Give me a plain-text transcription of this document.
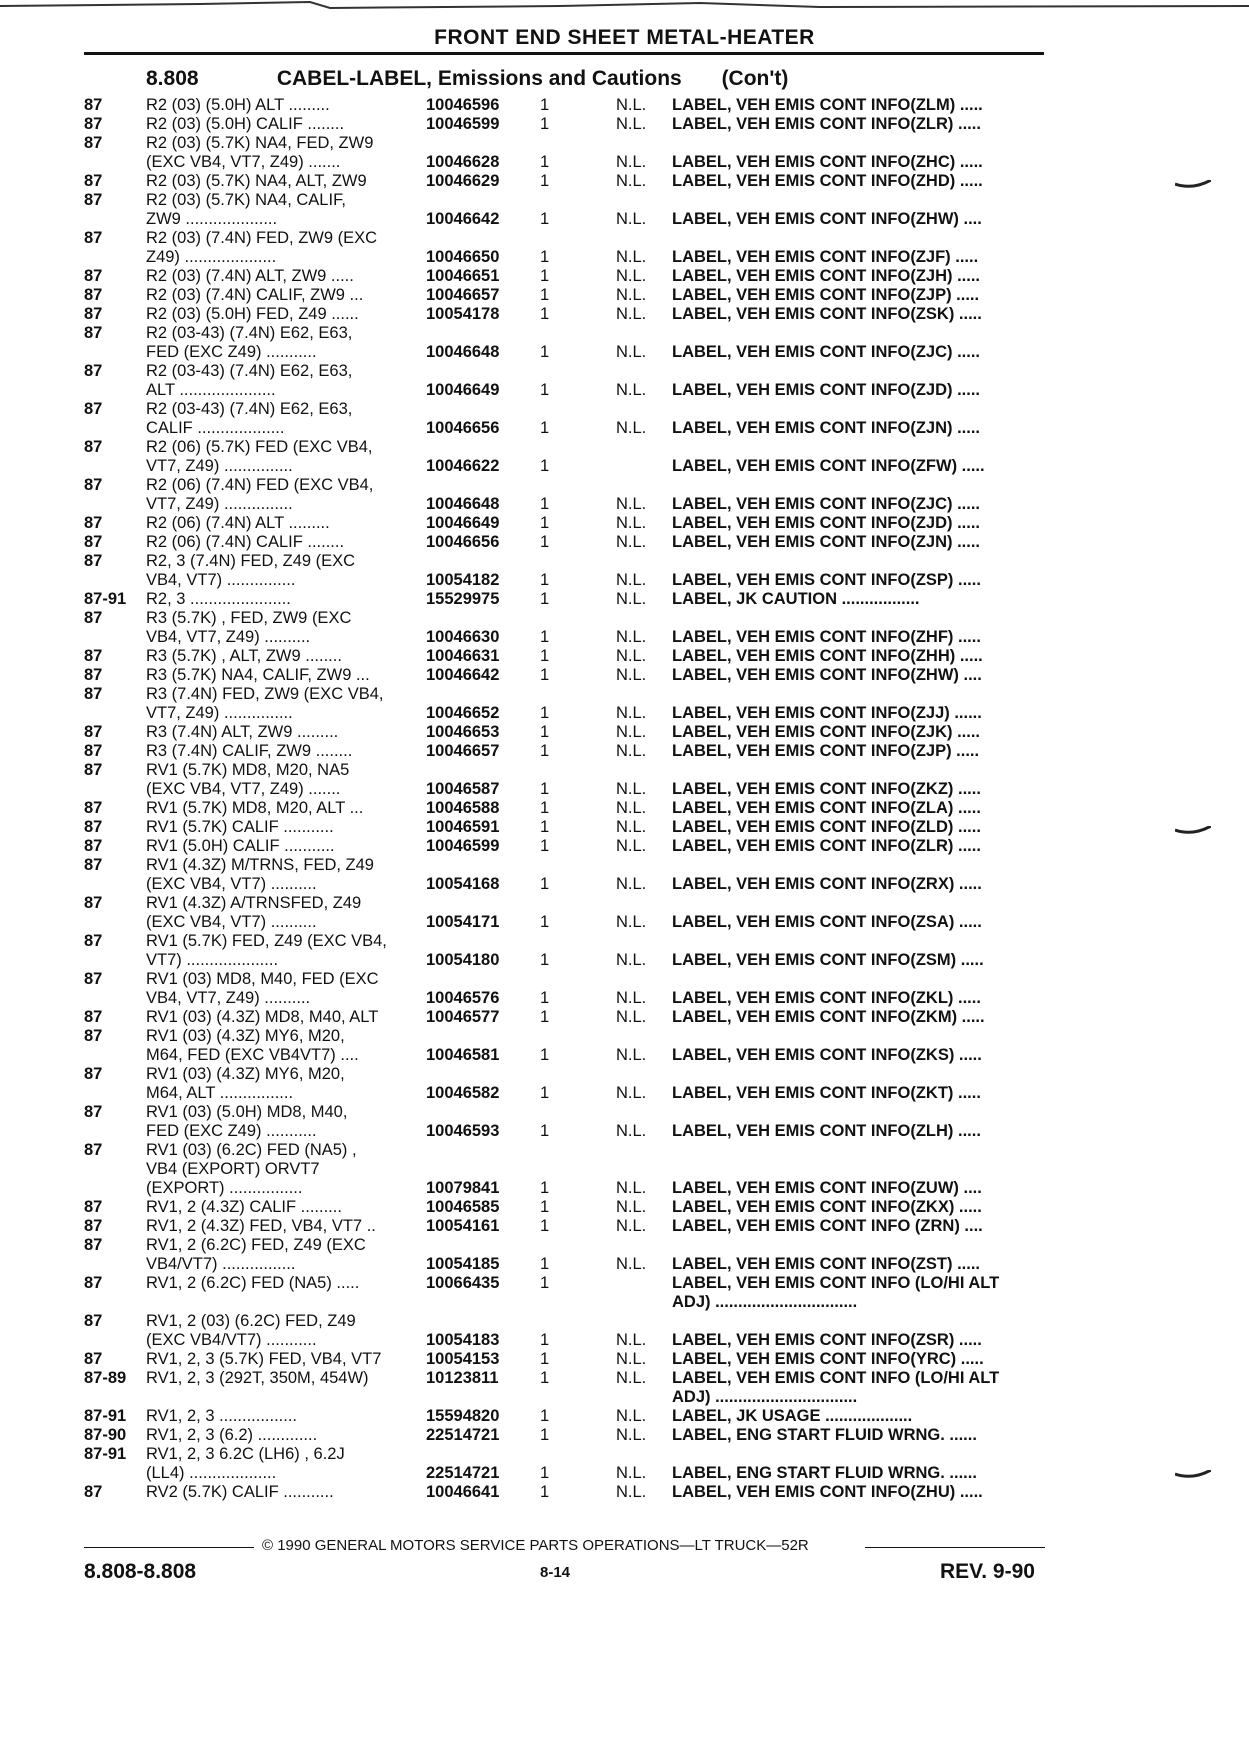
FRONT END SHEET METAL-HEATER
8.808	CABEL-LABEL, Emissions and Cautions (Con't)
87	R2 (03) (5.0H) ALT .........	10046596 1	N.L. LABEL, VEH EMIS CONT INFO(ZLM) .....
87	R2 (03) (5.0H) CALIF ........	10046599 1	N.L. LABEL, VEH EMIS CONT INFO(ZLR) .....
87	R2 (03) (5.7K) NA4, FED, ZW9
(EXC VB4, VT7, Z49) .......	10046628 1	N.L. LABEL, VEH EMIS CONT INFO(ZHC) .....
87	R2 (03) (5.7K) NA4, ALT, ZW9	10046629 1	N.L. LABEL, VEH EMIS CONT INFO(ZHD) .....
87	R2 (03) (5.7K) NA4, CALIF,
ZW9 ....................	10046642 1	N.L. LABEL, VEH EMIS CONT INFO(ZHW) ....
87	R2 (03) (7.4N) FED, ZW9 (EXC
Z49) ....................	10046650 1	N.L. LABEL, VEH EMIS CONT INFO(ZJF) .....
87	R2 (03) (7.4N) ALT, ZW9 .....	10046651 1	N.L. LABEL, VEH EMIS CONT INFO(ZJH) .....
87	R2 (03) (7.4N) CALIF, ZW9 ...	10046657 1	N.L. LABEL, VEH EMIS CONT INFO(ZJP) .....
87	R2 (03) (5.0H) FED, Z49 ......	10054178 1	N.L. LABEL, VEH EMIS CONT INFO(ZSK) .....
87	R2 (03-43) (7.4N) E62, E63,
FED (EXC Z49) ...........	10046648 1	N.L. LABEL, VEH EMIS CONT INFO(ZJC) .....
87	R2 (03-43) (7.4N) E62, E63,
ALT .....................	10046649 1	N.L. LABEL, VEH EMIS CONT INFO(ZJD) .....
87	R2 (03-43) (7.4N) E62, E63,
CALIF ...................	10046656 1	N.L. LABEL, VEH EMIS CONT INFO(ZJN) .....
87	R2 (06) (5.7K) FED (EXC VB4,
VT7, Z49) ...............	10046622 1	LABEL, VEH EMIS CONT INFO(ZFW) .....
87	R2 (06) (7.4N) FED (EXC VB4,
VT7, Z49) ...............	10046648 1	N.L. LABEL, VEH EMIS CONT INFO(ZJC) .....
87	R2 (06) (7.4N) ALT .........	10046649 1	N.L. LABEL, VEH EMIS CONT INFO(ZJD) .....
87	R2 (06) (7.4N) CALIF ........	10046656 1	N.L. LABEL, VEH EMIS CONT INFO(ZJN) .....
87	R2, 3 (7.4N) FED, Z49 (EXC
VB4, VT7) ...............	10054182 1	N.L. LABEL, VEH EMIS CONT INFO(ZSP) .....
87-91 R2, 3 ......................	15529975 1	N.L. LABEL, JK CAUTION .................
87	R3 (5.7K) , FED, ZW9 (EXC
VB4, VT7, Z49) ..........	10046630 1	N.L. LABEL, VEH EMIS CONT INFO(ZHF) .....
87	R3 (5.7K) , ALT, ZW9 ........	10046631 1	N.L. LABEL, VEH EMIS CONT INFO(ZHH) .....
87	R3 (5.7K) NA4, CALIF, ZW9 ...	10046642 1	N.L. LABEL, VEH EMIS CONT INFO(ZHW) ....
87	R3 (7.4N) FED, ZW9 (EXC VB4,
VT7, Z49) ...............	10046652 1	N.L. LABEL, VEH EMIS CONT INFO(ZJJ) ......
87	R3 (7.4N) ALT, ZW9 .........	10046653 1	N.L. LABEL, VEH EMIS CONT INFO(ZJK) .....
87	R3 (7.4N) CALIF, ZW9 ........	10046657 1	N.L. LABEL, VEH EMIS CONT INFO(ZJP) .....
87	RV1 (5.7K) MD8, M20, NA5
(EXC VB4, VT7, Z49) .......	10046587 1	N.L. LABEL, VEH EMIS CONT INFO(ZKZ) .....
87	RV1 (5.7K) MD8, M20, ALT ...	10046588 1	N.L. LABEL, VEH EMIS CONT INFO(ZLA) .....
87	RV1 (5.7K) CALIF ...........	10046591 1	N.L. LABEL, VEH EMIS CONT INFO(ZLD) .....
87	RV1 (5.0H) CALIF ...........	10046599 1	N.L. LABEL, VEH EMIS CONT INFO(ZLR) .....
87	RV1 (4.3Z) M/TRNS, FED, Z49
(EXC VB4, VT7) ..........	10054168 1	N.L. LABEL, VEH EMIS CONT INFO(ZRX) .....
87	RV1 (4.3Z) A/TRNSFED, Z49
(EXC VB4, VT7) ..........	10054171 1	N.L. LABEL, VEH EMIS CONT INFO(ZSA) .....
87	RV1 (5.7K) FED, Z49 (EXC VB4,
VT7) ....................	10054180 1	N.L. LABEL, VEH EMIS CONT INFO(ZSM) .....
87	RV1 (03) MD8, M40, FED (EXC
VB4, VT7, Z49) ..........	10046576 1	N.L. LABEL, VEH EMIS CONT INFO(ZKL) .....
87	RV1 (03) (4.3Z) MD8, M40, ALT	10046577 1	N.L. LABEL, VEH EMIS CONT INFO(ZKM) .....
87	RV1 (03) (4.3Z) MY6, M20,
M64, FED (EXC VB4VT7) ....	10046581 1	N.L. LABEL, VEH EMIS CONT INFO(ZKS) .....
87	RV1 (03) (4.3Z) MY6, M20,
M64, ALT ................	10046582 1	N.L. LABEL, VEH EMIS CONT INFO(ZKT) .....
87	RV1 (03) (5.0H) MD8, M40,
FED (EXC Z49) ...........	10046593 1	N.L. LABEL, VEH EMIS CONT INFO(ZLH) .....
87	RV1 (03) (6.2C) FED (NA5) ,
VB4 (EXPORT) ORVT7
(EXPORT) ................	10079841 1	N.L. LABEL, VEH EMIS CONT INFO(ZUW) ....
87	RV1, 2 (4.3Z) CALIF .........	10046585 1	N.L. LABEL, VEH EMIS CONT INFO(ZKX) .....
87	RV1, 2 (4.3Z) FED, VB4, VT7 ..	10054161 1	N.L. LABEL, VEH EMIS CONT INFO (ZRN) ....
87	RV1, 2 (6.2C) FED, Z49 (EXC
VB4/VT7) ................	10054185 1	N.L. LABEL, VEH EMIS CONT INFO(ZST) .....
87	RV1, 2 (6.2C) FED (NA5) .....	10066435 1	LABEL, VEH EMIS CONT INFO (LO/HI ALT
ADJ) ...............................
87	RV1, 2 (03) (6.2C) FED, Z49
(EXC VB4/VT7) ...........	10054183 1	N.L. LABEL, VEH EMIS CONT INFO(ZSR) .....
87	RV1, 2, 3 (5.7K) FED, VB4, VT7	10054153 1	N.L. LABEL, VEH EMIS CONT INFO(YRC) .....
87-89 RV1, 2, 3 (292T, 350M, 454W)	10123811	1	N.L. LABEL, VEH EMIS CONT INFO (LO/HI ALT
ADJ) ...............................
87-91 RV1, 2, 3 .................	15594820 1	N.L. LABEL, JK USAGE ...................
87-90 RV1, 2, 3 (6.2) .............	22514721 1	N.L. LABEL, ENG START FLUID WRNG. ......
87-91 RV1, 2, 3 6.2C (LH6) , 6.2J
(LL4) ...................	22514721 1	N.L. LABEL, ENG START FLUID WRNG. ......
87	RV2 (5.7K) CALIF ...........	10046641 1	N.L. LABEL, VEH EMIS CONT INFO(ZHU) .....
© 1990 GENERAL MOTORS SERVICE PARTS OPERATIONS—LT TRUCK—52R
8.808-8.808	8-14	REV. 9-90
